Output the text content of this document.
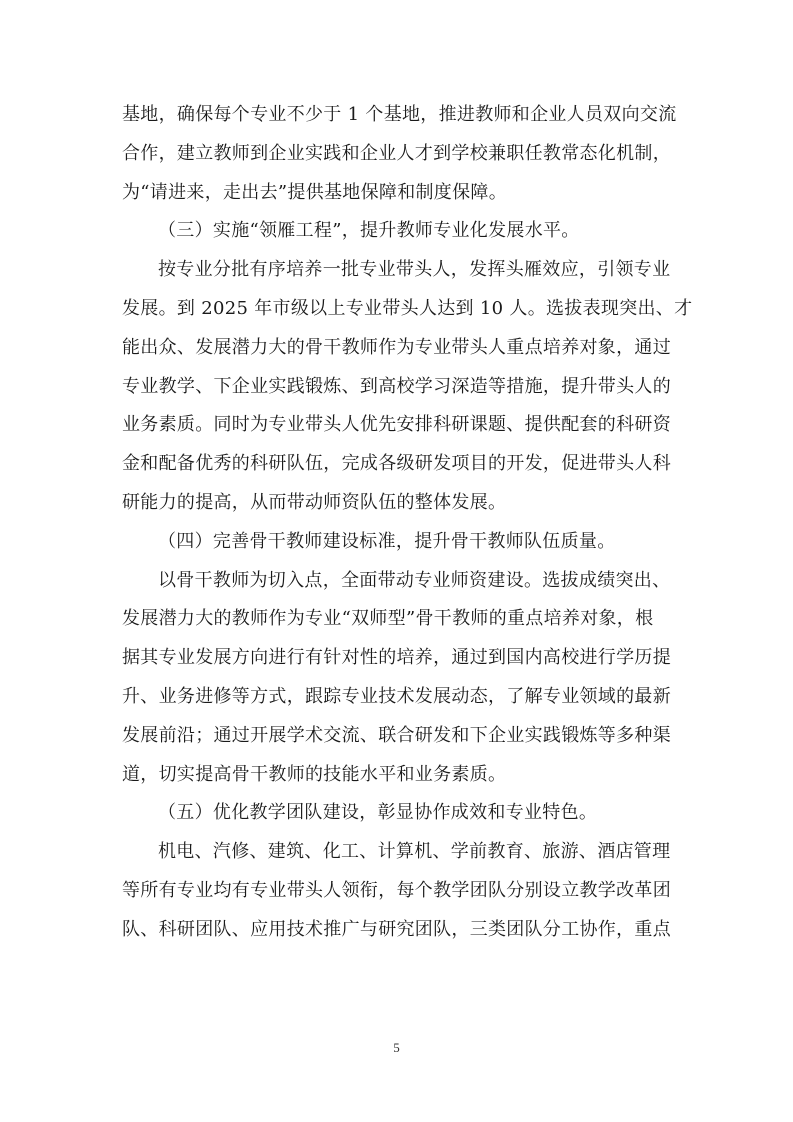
基地，确保每个专业不少于 1 个基地，推进教师和企业人员双向交流
合作，建立教师到企业实践和企业人才到学校兼职任教常态化机制，
为“请进来，走出去”提供基地保障和制度保障。

（三）实施“领雁工程”，提升教师专业化发展水平。

按专业分批有序培养一批专业带头人，发挥头雁效应，引领专业
发展。到 2025 年市级以上专业带头人达到 10 人。选拔表现突出、才
能出众、发展潜力大的骨干教师作为专业带头人重点培养对象，通过
专业教学、下企业实践锻炼、到高校学习深造等措施，提升带头人的
业务素质。同时为专业带头人优先安排科研课题、提供配套的科研资
金和配备优秀的科研队伍，完成各级研发项目的开发，促进带头人科
研能力的提高，从而带动师资队伍的整体发展。

（四）完善骨干教师建设标准，提升骨干教师队伍质量。

以骨干教师为切入点，全面带动专业师资建设。选拔成绩突出、
发展潜力大的教师作为专业“双师型”骨干教师的重点培养对象，根
据其专业发展方向进行有针对性的培养，通过到国内高校进行学历提
升、业务进修等方式，跟踪专业技术发展动态，了解专业领域的最新
发展前沿；通过开展学术交流、联合研发和下企业实践锻炼等多种渠
道，切实提高骨干教师的技能水平和业务素质。

（五）优化教学团队建设，彰显协作成效和专业特色。

机电、汽修、建筑、化工、计算机、学前教育、旅游、酒店管理
等所有专业均有专业带头人领衔，每个教学团队分别设立教学改革团
队、科研团队、应用技术推广与研究团队，三类团队分工协作，重点

5
